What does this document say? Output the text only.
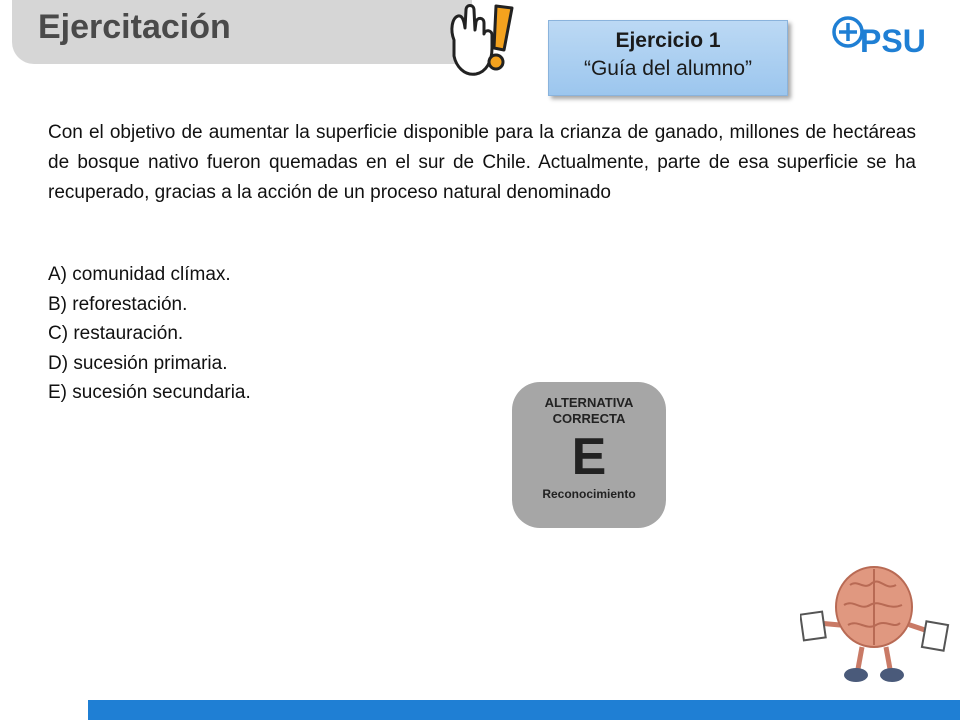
Ejercitación	Ejercicio 1
“Guía del alumno”
PSU
Con el objetivo de aumentar la superficie disponible para la crianza de ganado, millones de hectáreas de bosque nativo fueron quemadas en el sur de Chile. Actualmente, parte de esa superficie se ha recuperado, gracias a la acción de un proceso natural denominado
A) comunidad clímax.
B) reforestación.
C) restauración.
D) sucesión primaria.
E) sucesión secundaria.	ALTERNATIVA
CORRECTA
E
Reconocimiento
